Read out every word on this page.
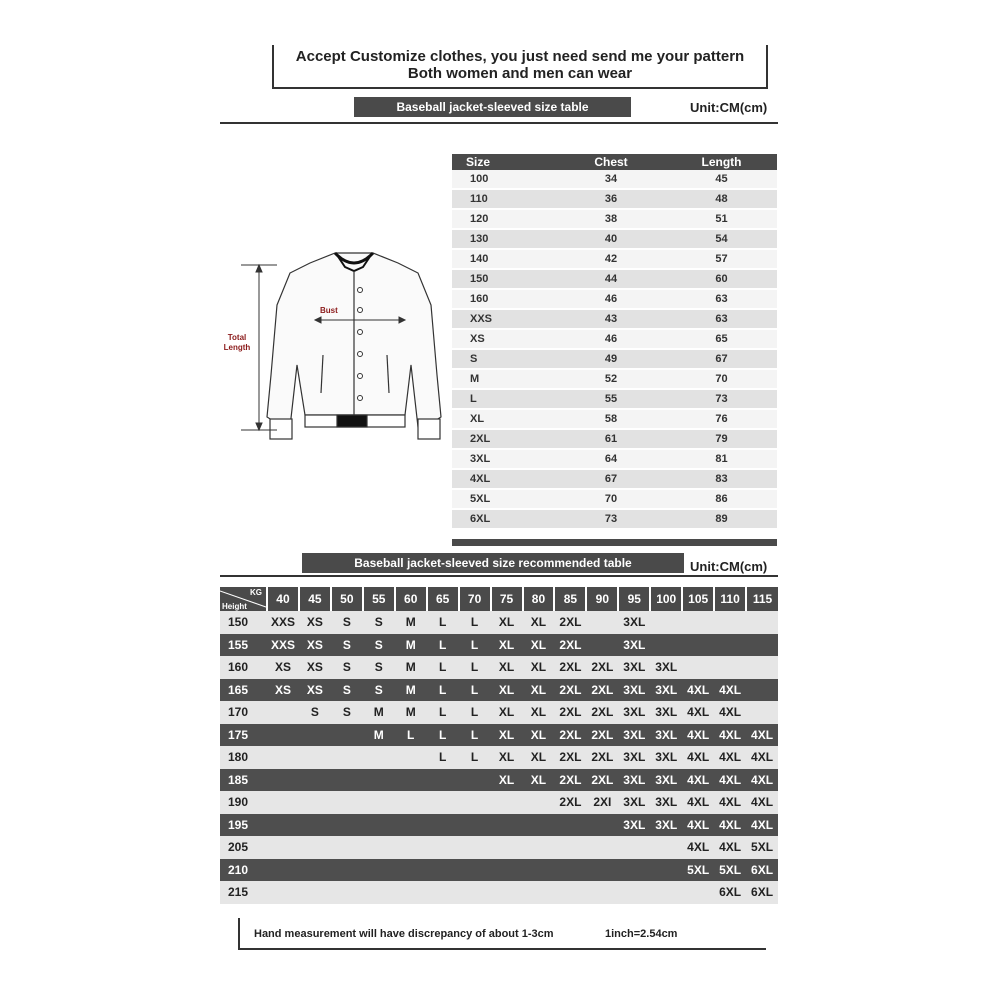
Accept Customize clothes, you just need send me your pattern
Both women and men can wear
Baseball jacket-sleeved size table	Unit:CM(cm)
Bust
Total Length
Size	Chest	Length
100	34	45
110	36	48
120	38	51
130	40	54
140	42	57
150	44	60
160	46	63
XXS	43	63
XS	46	65
S	49	67
M	52	70
L	55	73
XL	58	76
2XL	61	79
3XL	64	81
4XL	67	83
5XL	70	86
6XL	73	89
Baseball jacket-sleeved size recommended table	Unit:CM(cm)
KG
Height	40	45	50	55	60	65	70	75	80	85	90	95	100	105	110	115
150	XXS	XS	S	S	M	L	L	XL	XL	2XL		3XL				
155	XXS	XS	S	S	M	L	L	XL	XL	2XL		3XL				
160	XS	XS	S	S	M	L	L	XL	XL	2XL	2XL	3XL	3XL			
165	XS	XS	S	S	M	L	L	XL	XL	2XL	2XL	3XL	3XL	4XL	4XL	
170		S	S	M	M	L	L	XL	XL	2XL	2XL	3XL	3XL	4XL	4XL	
175				M	L	L	L	XL	XL	2XL	2XL	3XL	3XL	4XL	4XL	4XL
180						L	L	XL	XL	2XL	2XL	3XL	3XL	4XL	4XL	4XL
185								XL	XL	2XL	2XL	3XL	3XL	4XL	4XL	4XL
190										2XL	2XI	3XL	3XL	4XL	4XL	4XL
195												3XL	3XL	4XL	4XL	4XL
205														4XL	4XL	5XL
210														5XL	5XL	6XL
215															6XL	6XL
Hand measurement will have discrepancy of about 1-3cm	1inch=2.54cm
